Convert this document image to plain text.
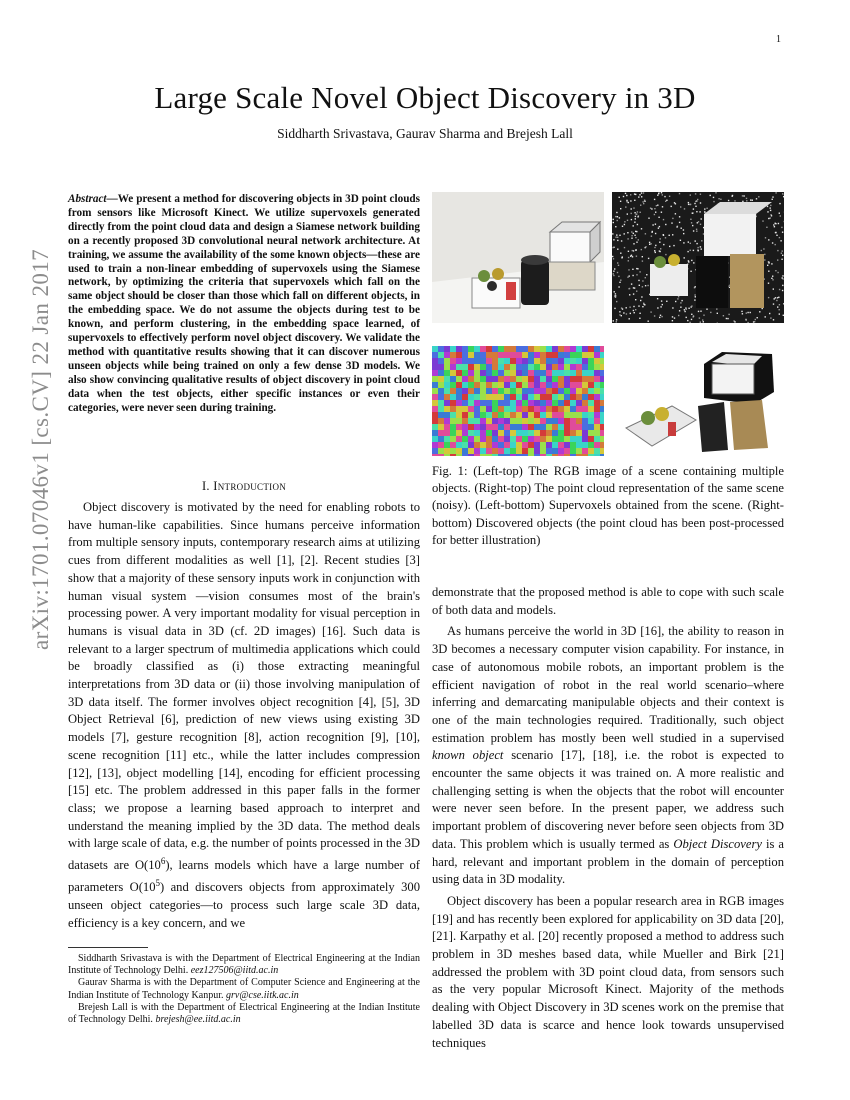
1
arXiv:1701.07046v1 [cs.CV] 22 Jan 2017
Large Scale Novel Object Discovery in 3D
Siddharth Srivastava, Gaurav Sharma and Brejesh Lall
Abstract—We present a method for discovering objects in 3D point clouds from sensors like Microsoft Kinect. We utilize supervoxels generated directly from the point cloud data and design a Siamese network building on a recently proposed 3D convolutional neural network architecture. At training, we assume the availability of the some known objects—these are used to train a non-linear embedding of supervoxels using the Siamese network, by optimizing the criteria that supervoxels which fall on the same object should be closer than those which fall on different objects, in the embedding space. We do not assume the objects during test to be known, and perform clustering, in the embedding space learned, of supervoxels to effectively perform novel object discovery. We validate the method with quantitative results showing that it can discover numerous unseen objects while being trained on only a few dense 3D models. We also show convincing qualitative results of object discovery in point cloud data when the test objects, either specific instances or even their categories, were never seen during training.
I. Introduction

Object discovery is motivated by the need for enabling robots to have human-like capabilities. Since humans perceive information from multiple sensory inputs, contemporary research aims at utilizing cues from different modalities as well [1], [2]. Recent studies [3] show that a majority of these sensory inputs work in conjunction with human visual system —vision consumes most of the brain's processing power. A very important modality for visual perception in humans is visual data in 3D (cf. 2D images) [16]. Such data is relevant to a larger spectrum of multimedia applications which could be broadly classified as (i) those extracting meaningful interpretations from 3D data or (ii) those involving manipulation of 3D data itself. The former involves object recognition [4], [5], 3D Object Retrieval [6], prediction of new views using existing 3D models [7], gesture recognition [8], action recognition [9], [10], scene recognition [11] etc., while the latter includes compression [12], [13], object modelling [14], encoding for efficient processing [15] etc. The problem addressed in this paper falls in the former class; we propose a learning based approach to interpret and understand the meaning implied by the 3D data. The method deals with large scale of data, e.g. the number of points processed in the 3D datasets are $O(10^6)$, learns models which have a large number of parameters $O(10^5)$ and discovers objects from approximately 300 unseen object categories—to process such large scale 3D data, efficiency is a key concern, and we

Siddharth Srivastava is with the Department of Electrical Engineering at the Indian Institute of Technology Delhi. eez127506@iitd.ac.in

Gaurav Sharma is with the Department of Computer Science and Engineering at the Indian Institute of Technology Kanpur. grv@cse.iitk.ac.in

Brejesh Lall is with the Department of Electrical Engineering at the Indian Institute of Technology Delhi. brejesh@ee.iitd.ac.in

Fig. 1: (Left-top) The RGB image of a scene containing multiple objects. (Right-top) The point cloud representation of the same scene (noisy). (Left-bottom) Supervoxels obtained from the scene. (Right-bottom) Discovered objects (the point cloud has been post-processed for better illustration)

demonstrate that the proposed method is able to cope with such scale of both data and models.

As humans perceive the world in 3D [16], the ability to reason in 3D becomes a necessary computer vision capability. For instance, in case of autonomous mobile robots, an important problem is the efficient navigation of robot in the real world scenario–where inferring and demarcating manipulable objects and their context is one of the main technologies required. Traditionally, such object estimation problem has mostly been well studied in a supervised known object scenario [17], [18], i.e. the robot is expected to encounter the same objects it was trained on. A more realistic and challenging setting is when the objects that the robot will encounter were never seen before. In the present paper, we address such important problem of discovering never before seen objects from 3D data. This problem which is usually termed as Object Discovery is a hard, relevant and important problem in the domain of perception using data in 3D modality.

Object discovery has been a popular research area in RGB images [19] and has recently been explored for applicability on 3D data [20], [21]. Karpathy et al. [20] recently proposed a method to address such problem in 3D meshes based data, while Mueller and Birk [21] addressed the problem with 3D point cloud data, from sensors such as the very popular Microsoft Kinect. Majority of the methods dealing with Object Discovery in 3D scenes work on the premise that labelled 3D data is scarce and hence look towards unsupervised techniques
